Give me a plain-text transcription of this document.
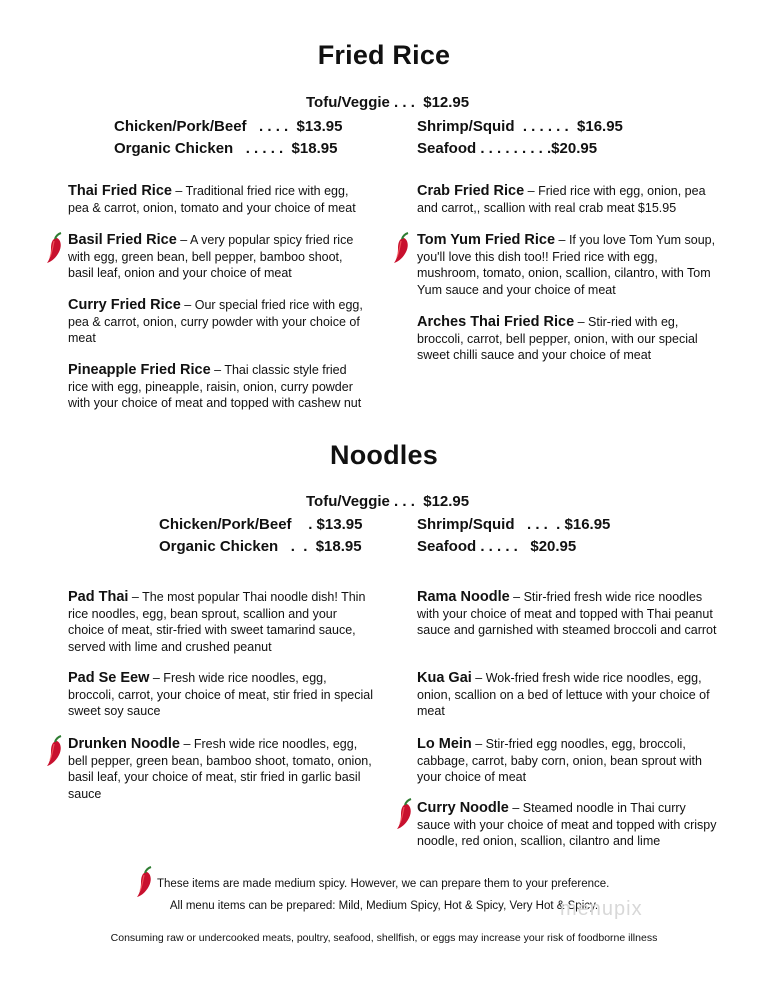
Fried Rice
Tofu/Veggie . . .  $12.95
Chicken/Pork/Beef   . . . .  $13.95
Organic Chicken   . . . . .  $18.95
Shrimp/Squid  . . . . . .  $16.95
Seafood . . . . . . . . .$20.95
Thai Fried Rice – Traditional fried rice with egg, pea & carrot, onion, tomato and your choice of meat
Basil Fried Rice – A very popular spicy fried rice with egg, green bean, bell pepper, bamboo shoot, basil leaf, onion and your choice of meat
Curry Fried Rice – Our special fried rice with egg, pea & carrot, onion, curry powder with your choice of meat
Pineapple Fried Rice – Thai classic style fried rice with egg, pineapple, raisin, onion, curry powder with your choice of meat and topped with cashew nut
Crab Fried Rice – Fried rice with egg, onion, pea and carrot,, scallion with real crab meat $15.95
Tom Yum Fried Rice – If you love Tom Yum soup, you'll love this dish too!! Fried rice with egg, mushroom, tomato, onion, scallion, cilantro, with Tom Yum sauce and your choice of meat
Arches Thai Fried Rice – Stir-ried with eg, broccoli, carrot, bell pepper, onion, with our special sweet chilli sauce and your choice of meat
Noodles
Tofu/Veggie . . .  $12.95
Chicken/Pork/Beef    . $13.95
Organic Chicken   .  .  $18.95
Shrimp/Squid   . . .  . $16.95
Seafood . . . . .   $20.95
Pad Thai – The most popular Thai noodle dish! Thin rice noodles, egg, bean sprout, scallion and your choice of meat, stir-fried with sweet tamarind sauce, served with lime and crushed peanut
Pad Se Eew – Fresh wide rice noodles, egg, broccoli, carrot, your choice of meat, stir fried in special sweet soy sauce
Drunken Noodle – Fresh wide rice noodles, egg, bell pepper, green bean, bamboo shoot, tomato, onion, basil leaf, your choice of meat, stir fried in garlic basil sauce
Rama Noodle – Stir-fried fresh wide rice noodles with your choice of meat and topped with Thai peanut sauce and garnished with steamed broccoli and carrot
Kua Gai – Wok-fried fresh wide rice noodles, egg, onion, scallion on a bed of lettuce with your choice of meat
Lo Mein – Stir-fried egg noodles, egg, broccoli, cabbage, carrot, baby corn, onion, bean sprout with your choice of meat
Curry Noodle – Steamed noodle in Thai curry sauce with your choice of meat and topped with crispy noodle, red onion, scallion, cilantro and lime
These items are made medium spicy. However, we can prepare them to your preference.
All menu items can be prepared: Mild, Medium Spicy, Hot & Spicy, Very Hot & Spicy.
menupix
Consuming raw or undercooked meats, poultry, seafood, shellfish, or eggs may increase your risk of foodborne illness
